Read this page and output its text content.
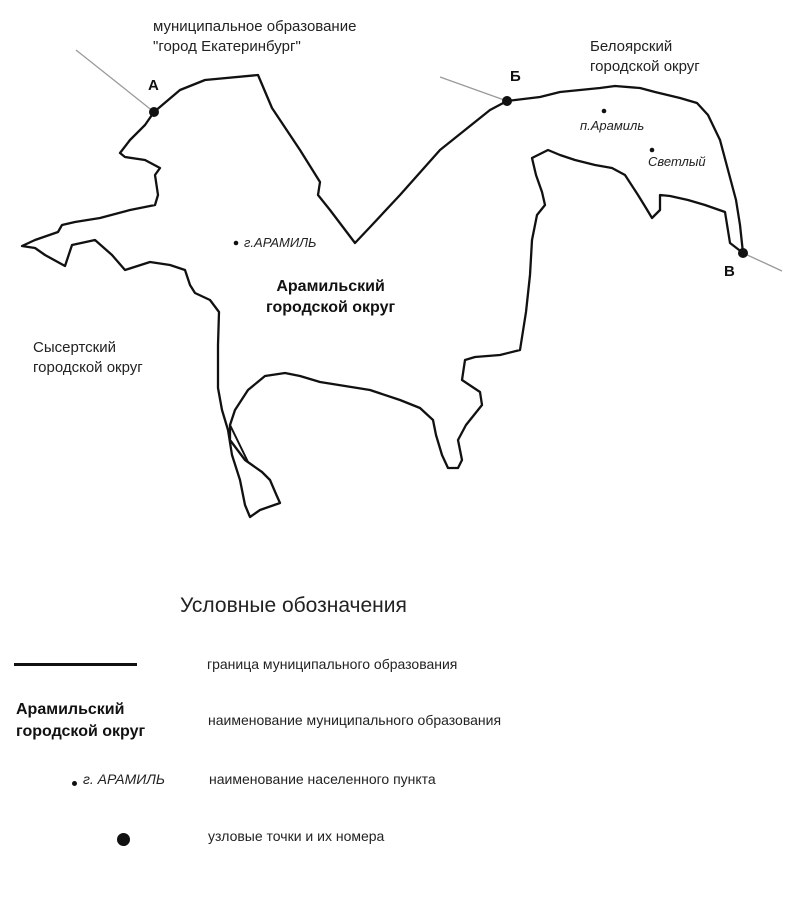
муниципальное образование
"город Екатеринбург"	Белоярский
городской округ
Сысертский
городской округ
А
Б
В
г.АРАМИЛЬ
п.Арамиль
Светлый
Арамильский
городской округ
Условные обозначения
граница муниципального образования
Арамильский
городской округ
наименование муниципального образования
г. АРАМИЛЬ	наименование населенного пункта
узловые точки и их номера
